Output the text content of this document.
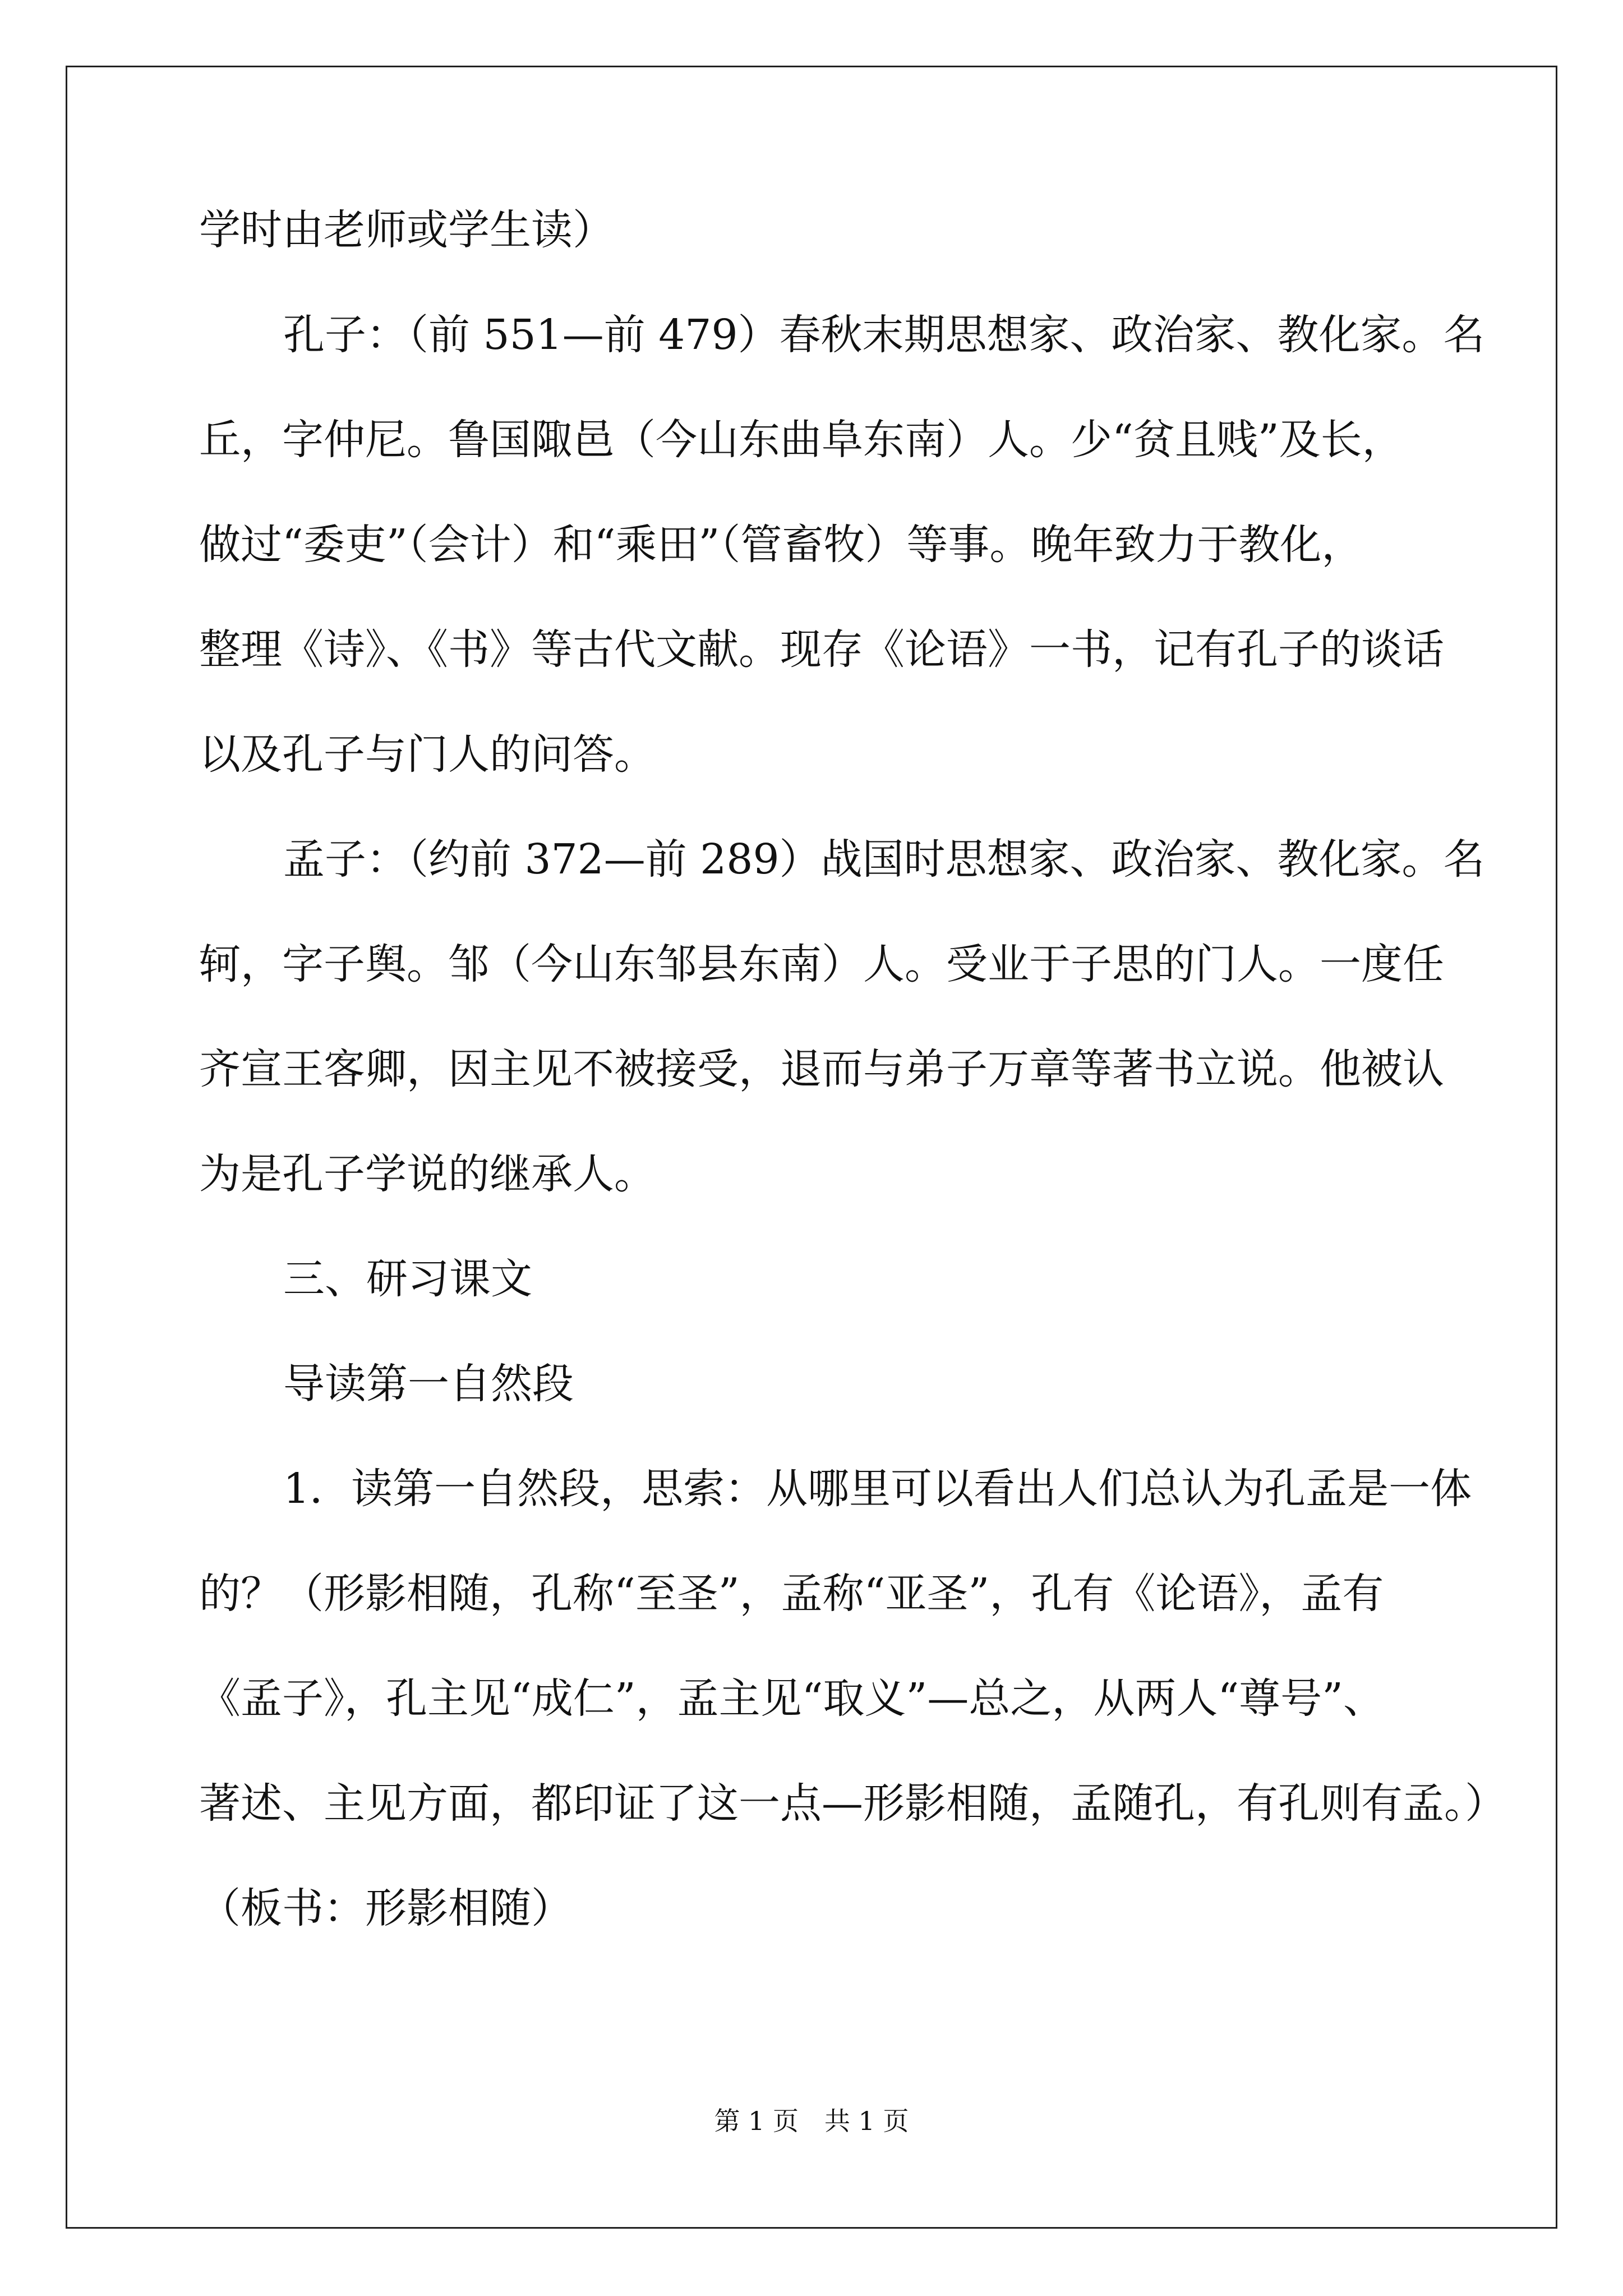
学时由老师或学生读）
孔子：（前 551—前 479）春秋末期思想家、政治家、教化家。名
丘，字仲尼。鲁国陬邑（今山东曲阜东南）人。少“贫且贱”及长，
做过“委吏”（会计）和“乘田”（管畜牧）等事。晚年致力于教化，
整理《诗》、《书》等古代文献。现存《论语》一书，记有孔子的谈话
以及孔子与门人的问答。
孟子：（约前 372—前 289）战国时思想家、政治家、教化家。名
轲，字子舆。邹（今山东邹县东南）人。受业于子思的门人。一度任
齐宣王客卿，因主见不被接受，退而与弟子万章等著书立说。他被认
为是孔子学说的继承人。
三、研习课文
导读第一自然段
1．读第一自然段，思索：从哪里可以看出人们总认为孔孟是一体
的？（形影相随，孔称“至圣”，孟称“亚圣”，孔有《论语》，孟有
《孟子》，孔主见“成仁”，孟主见“取义”—总之，从两人“尊号”、
著述、主见方面，都印证了这一点—形影相随，孟随孔，有孔则有孟。）
（板书：形影相随）
第 1 页　共 1 页
